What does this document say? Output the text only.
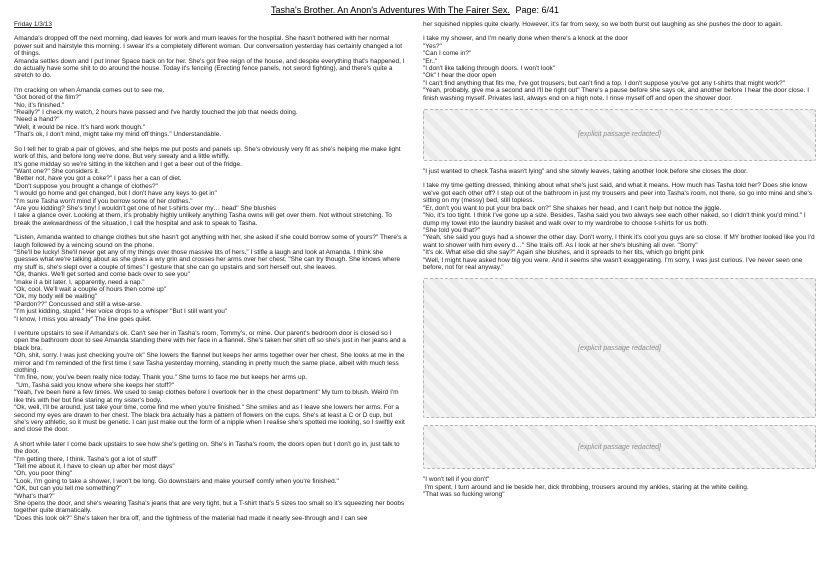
Tasha's Brother. An Anon's Adventures With The Fairer Sex. Page: 6/41
Friday 1/3/13
Amanda's dropped off the next morning, dad leaves for work and mum leaves for the hospital. She hasn't bothered with her normal power suit and hairstyle this morning. I swear it's a completely different woman. Our conversation yesterday has certainly changed a lot of things.
Amanda settles down and I put Inner Space back on for her. She's got free reign of the house, and despite everything that's happened, I do actually have some shit to do around the house. Today it's fencing (Erecting fence panels, not sword fighting), and there's quite a stretch to do.
I'm cracking on when Amanda comes out to see me.
"Got bored of the film?"
"No, it's finished."
"Really?" I check my watch, 2 hours have passed and I've hardly touched the job that needs doing.
"Need a hand?"
"Well, it would be nice. It's hard work though."
"That's ok, I don't mind, might take my mind off things." Understandable.
So I tell her to grab a pair of gloves, and she helps me put posts and panels up. She's obviously very fit as she's helping me make light work of this, and before long we're done. But very sweaty and a little whiffy.
It's gone midday so we're sitting in the kitchen and I get a beer out of the fridge.
"Want one?" She considers it.
"Better not, have you got a coke?" I pass her a can of diet.
"Don't suppose you brought a change of clothes?"
"I would go home and get changed, but I don't have any keys to get in"
"I'm sure Tasha won't mind if you borrow some of her clothes."
"Are you kidding? She's tiny! I wouldn't get one of her t-shirts over my… head" She blushes
I take a glance over. Looking at them, it's probably highly unlikely anything Tasha owns will get over them. Not without stretching. To break the awkwardness of the situation, I call the hospital and ask to speak to Tasha.
"Listen, Amanda wanted to change clothes but she hasn't got anything with her, she asked if she could borrow some of yours?" There's a laugh followed by a wincing sound on the phone.
"She'll be lucky! She'll never get any of my things over those massive tits of hers." I stifle a laugh and look at Amanda. I think she guesses what we're talking about as she gives a wry grin and crosses her arms over her chest. "She can try though. She knows where my stuff is, she's slept over a couple of times" I gesture that she can go upstairs and sort herself out, she leaves.
"Ok, thanks. We'll get sorted and come back over to see you"
"make it a bit later. I, apparently, need a nap."
"Ok, cool. We'll wait a couple of hours then come up"
"Ok, my body will be waiting"
"Pardon??" Concussed and still a wise-arse.
"I'm just kidding, stupid." Her voice drops to a whisper "But I still want you"
"I know, I miss you already" The line goes quiet.
I venture upstairs to see if Amanda's ok. Can't see her in Tasha's room, Tommy's, or mine. Our parent's bedroom door is closed so I open the bathroom door to see Amanda standing there with her face in a flannel. She's taken her shirt off so she's just in her jeans and a black bra.
"Oh, shit, sorry. I was just checking you're ok" She lowers the flannel but keeps her arms together over her chest. She looks at me in the mirror and I'm reminded of the first time I saw Tasha yesterday morning, standing in pretty much the same place, albeit with much less clothing.
"I'm fine, now, you've been really nice today. Thank you." She turns to face me but keeps her arms up.
"Um, Tasha said you know where she keeps her stuff?"
"Yeah, I've been here a few times. We used to swap clothes before I overtook her in the chest department" My turn to blush. Weird I'm like this with her but fine staring at my sister's body.
"Ok, well, I'll be around, just take your time, come find me when you're finished." She smiles and as I leave she lowers her arms. For a second my eyes are drawn to her chest. The black bra actually has a pattern of flowers on the cups. She's at least a C or D cup, but she's very athletic, so it must be genetic. I can just make out the form of a nipple when I realise she's spotted me looking, so I swiftly exit and close the door.
A short while later I come back upstairs to see how she's getting on. She's in Tasha's room, the doors open but I don't go in, just talk to the door.
"I'm getting there, I think. Tasha's got a lot of stuff"
"Tell me about it, I have to clean up after her most days"
"Oh, you poor thing"
"Look, I'm going to take a shower, I won't be long. Go downstairs and make yourself comfy when you're finished."
"OK, but can you tell me something?"
"What's that?"
She opens the door, and she's wearing Tasha's jeans that are very tight, but a T-shirt that's 5 sizes too small so it's squeezing her boobs together quite dramatically.
"Does this look ok?" She's taken her bra off, and the tightness of the material had made it nearly see-through and I can see
her squished nipples quite clearly. However, it's far from sexy, so we both burst out laughing as she pushes the door to again.
I take my shower, and I'm nearly done when there's a knock at the door
"Yes?"
"Can I come in?"
"Er.."
"I don't like talking through doors. I won't look"
"Ok" I hear the door open
"I can't find anything that fits me, I've got trousers, but can't find a top. I don't suppose you've got any t-shirts that might work?"
"Yeah, probably, give me a second and I'll be right out" There's a pause before she says ok, and another before I hear the door close. I finish washing myself. Privates last, always end on a high note. I rinse myself off and open the shower door.
[explicit passage redacted]
"I just wanted to check Tasha wasn't lying" and she slowly leaves, taking another look before she closes the door.
I take my time getting dressed, thinking about what she's just said, and what it means. How much has Tasha told her? Does she know we've got each other off? I step out of the bathroom in just my trousers and peer into Tasha's room, not there, so go into mine and she's sitting on my (messy) bed, still topless.
"Er, don't you want to put your bra back on?" She shakes her head, and I can't help but notice the jiggle.
"No, it's too tight. I think I've gone up a size. Besides, Tasha said you two always see each other naked, so I didn't think you'd mind." I dump my towel into the laundry basket and walk over to my wardrobe to choose t-shirts for us both.
"She told you that?"
"Yeah, she said you guys had a shower the other day. Don't worry, I think it's cool you guys are so close. If MY brother looked like you I'd want to shower with him every d…" She trails off. As I look at her she's blushing all over. "Sorry"
"It's ok. What else did she say?" Again she blushes, and it spreads to her tits, which go bright pink
"Well, I might have asked how big you were. And it seems she wasn't exaggerating. I'm sorry, I was just curious. I've never seen one before, not for real anyway."
[explicit passage redacted]
[explicit passage redacted]
"I won't tell if you don't"
I'm spent, I turn around and lie beside her, dick throbbing, trousers around my ankles, staring at the white ceiling.
"That was so fucking wrong"
